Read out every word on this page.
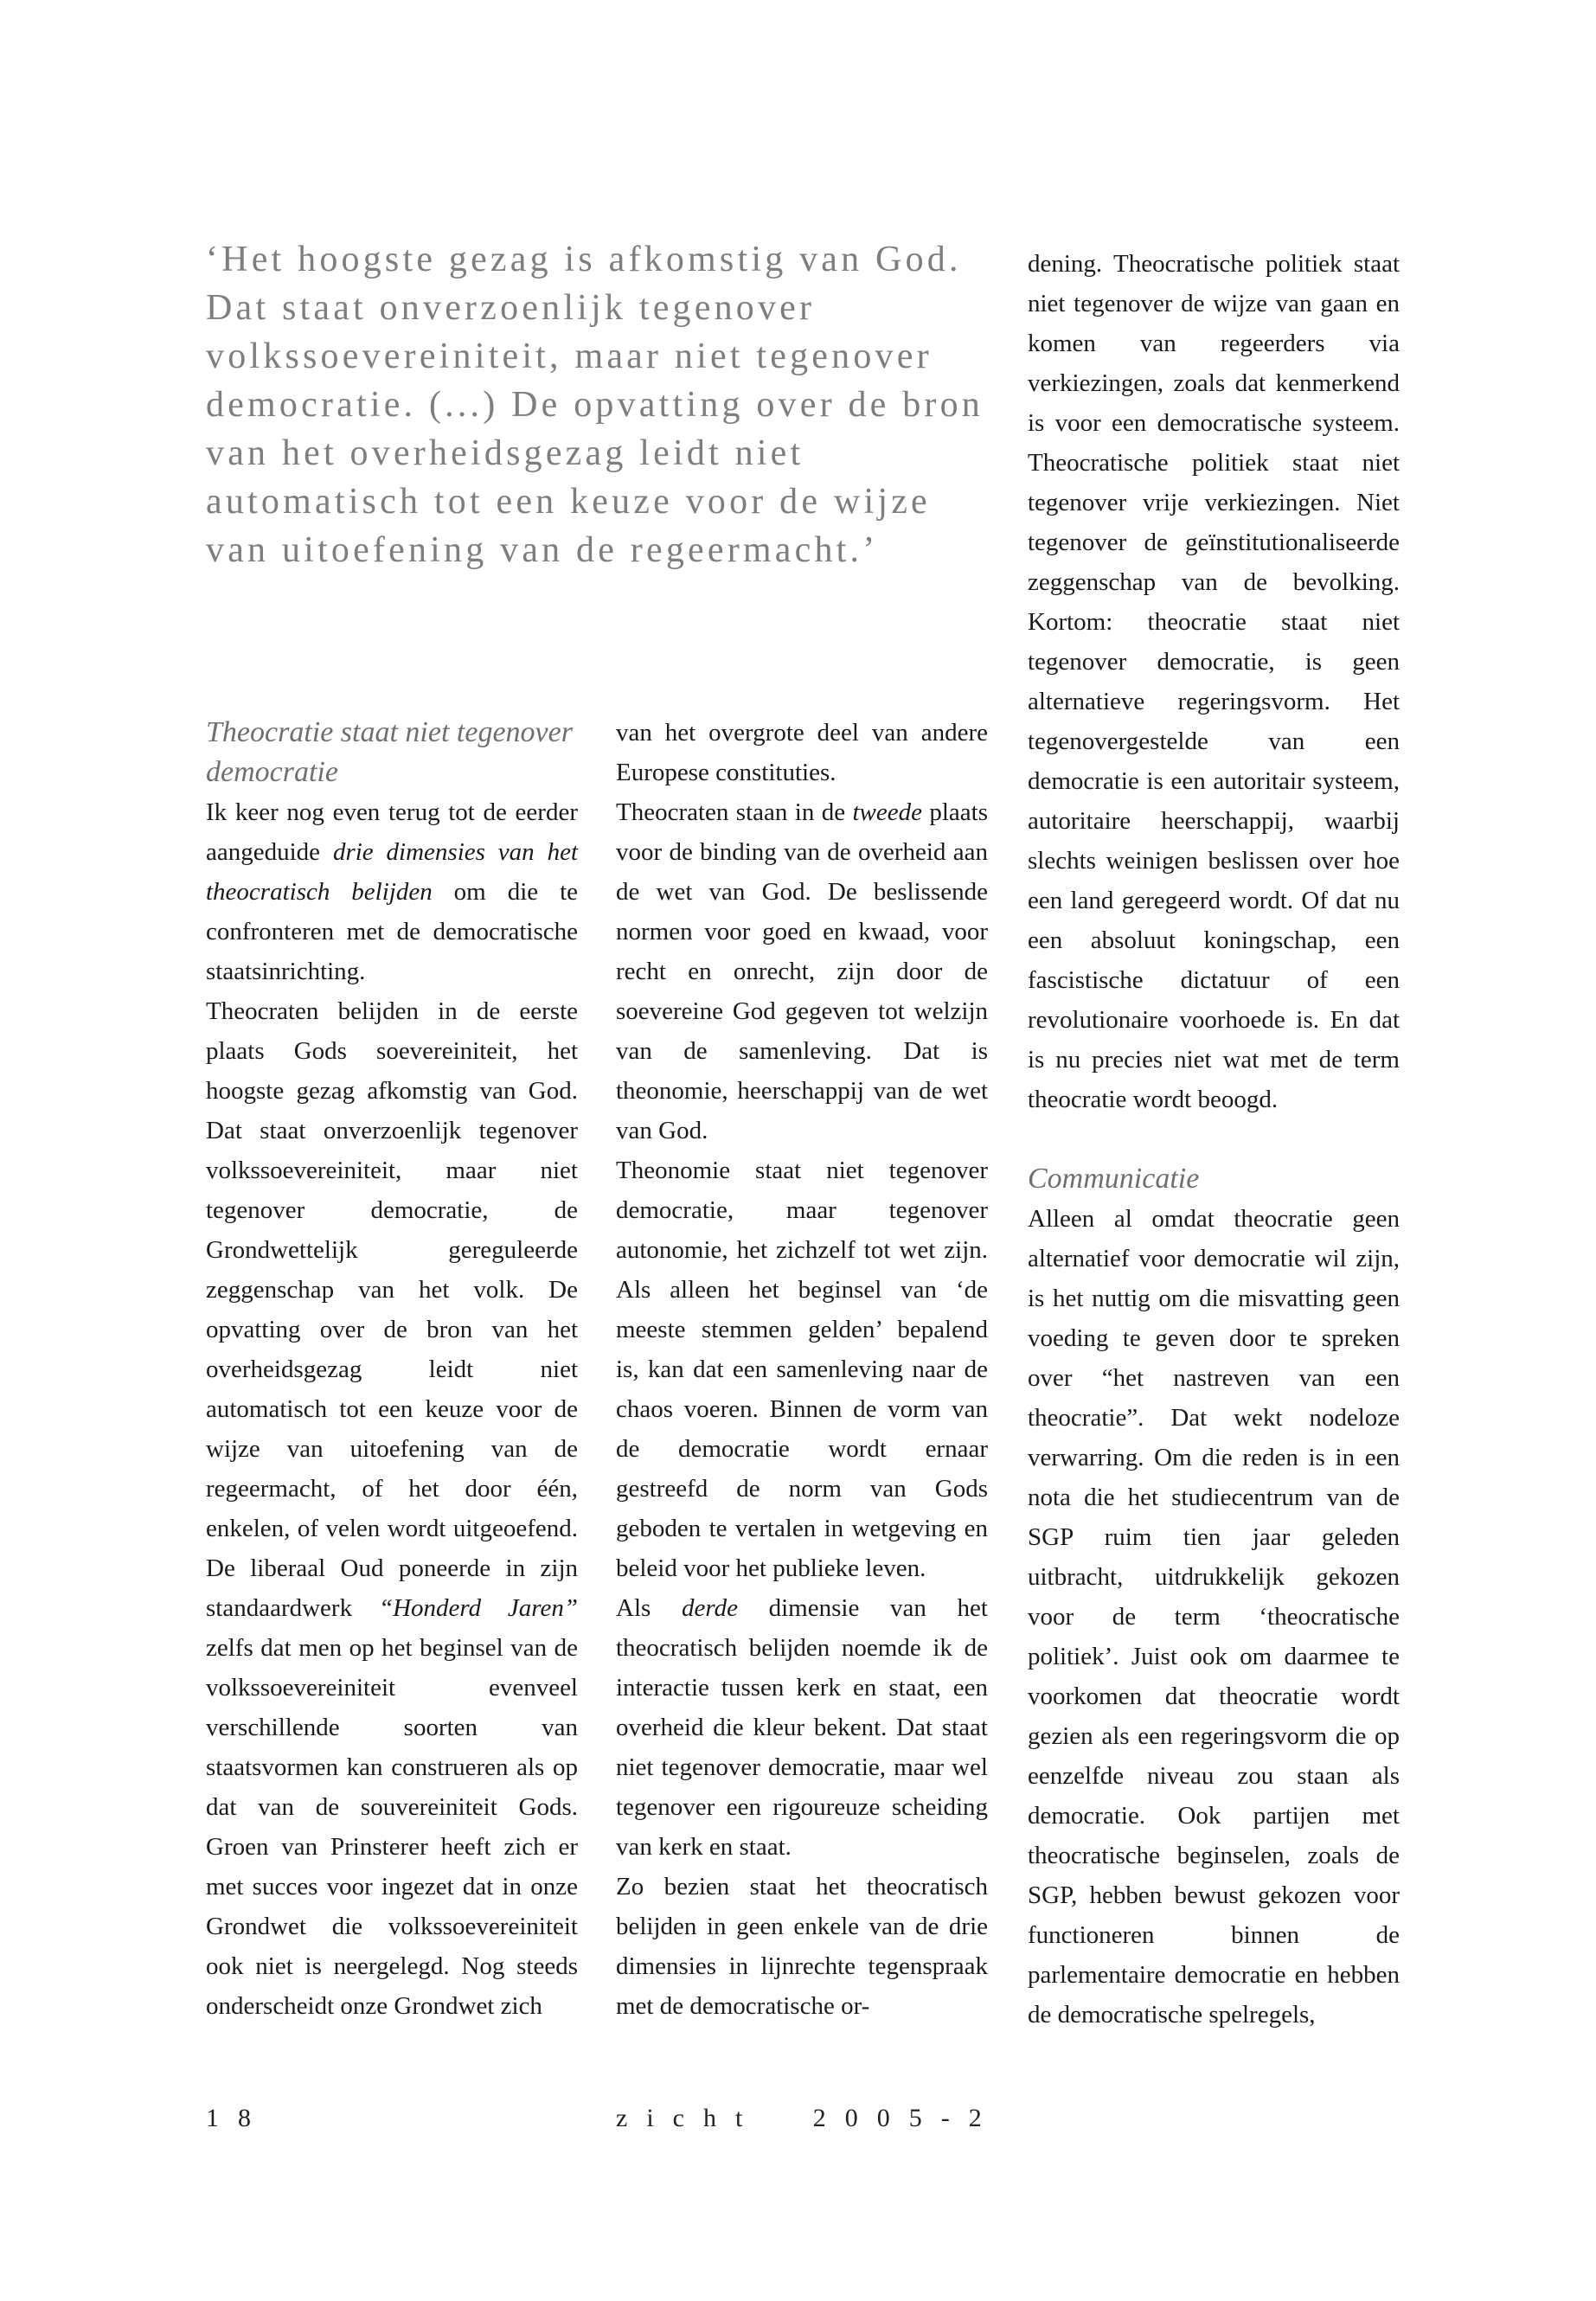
‘Het hoogste gezag is afkomstig van God. Dat staat onverzoenlijk tegenover volkssoevereiniteit, maar niet tegenover democratie. (...) De opvatting over de bron van het overheidsgezag leidt niet automatisch tot een keuze voor de wijze van uitoefening van de regeermacht.’

Theocratie staat niet tegenover democratie

Ik keer nog even terug tot de eerder aangeduide drie dimensies van het theocratisch belijden om die te confronteren met de democratische staatsinrichting.

Theocraten belijden in de eerste plaats Gods soevereiniteit, het hoogste gezag afkomstig van God. Dat staat onverzoenlijk tegenover volkssoevereiniteit, maar niet tegenover democratie, de Grondwettelijk gereguleerde zeggenschap van het volk. De opvatting over de bron van het overheidsgezag leidt niet automatisch tot een keuze voor de wijze van uitoefening van de regeermacht, of het door één, enkelen, of velen wordt uitgeoefend. De liberaal Oud poneerde in zijn standaardwerk “Honderd Jaren” zelfs dat men op het beginsel van de volkssoevereiniteit evenveel verschillende soorten van staatsvormen kan construeren als op dat van de souvereiniteit Gods. Groen van Prinsterer heeft zich er met succes voor ingezet dat in onze Grondwet die volkssoevereiniteit ook niet is neergelegd. Nog steeds onderscheidt onze Grondwet zich

van het overgrote deel van andere Europese constituties.

Theocraten staan in de tweede plaats voor de binding van de overheid aan de wet van God. De beslissende normen voor goed en kwaad, voor recht en onrecht, zijn door de soevereine God gegeven tot welzijn van de samenleving. Dat is theonomie, heerschappij van de wet van God.

Theonomie staat niet tegenover democratie, maar tegenover autonomie, het zichzelf tot wet zijn. Als alleen het beginsel van ‘de meeste stemmen gelden’ bepalend is, kan dat een samenleving naar de chaos voeren. Binnen de vorm van de democratie wordt ernaar gestreefd de norm van Gods geboden te vertalen in wetgeving en beleid voor het publieke leven.

Als derde dimensie van het theocratisch belijden noemde ik de interactie tussen kerk en staat, een overheid die kleur bekent. Dat staat niet tegenover democratie, maar wel tegenover een rigoureuze scheiding van kerk en staat.

Zo bezien staat het theocratisch belijden in geen enkele van de drie dimensies in lijnrechte tegenspraak met de democratische or-

dening. Theocratische politiek staat niet tegenover de wijze van gaan en komen van regeerders via verkiezingen, zoals dat kenmerkend is voor een democratische systeem. Theocratische politiek staat niet tegenover vrije verkiezingen. Niet tegenover de geïnstitutionaliseerde zeggenschap van de bevolking. Kortom: theocratie staat niet tegenover democratie, is geen alternatieve regeringsvorm. Het tegenovergestelde van een democratie is een autoritair systeem, autoritaire heerschappij, waarbij slechts weinigen beslissen over hoe een land geregeerd wordt. Of dat nu een absoluut koningschap, een fascistische dictatuur of een revolutionaire voorhoede is. En dat is nu precies niet wat met de term theocratie wordt beoogd.

Communicatie

Alleen al omdat theocratie geen alternatief voor democratie wil zijn, is het nuttig om die misvatting geen voeding te geven door te spreken over “het nastreven van een theocratie”. Dat wekt nodeloze verwarring. Om die reden is in een nota die het studiecentrum van de SGP ruim tien jaar geleden uitbracht, uitdrukkelijk gekozen voor de term ‘theocratische politiek’. Juist ook om daarmee te voorkomen dat theocratie wordt gezien als een regeringsvorm die op eenzelfde niveau zou staan als democratie. Ook partijen met theocratische beginselen, zoals de SGP, hebben bewust gekozen voor functioneren binnen de parlementaire democratie en hebben de democratische spelregels,

18	zicht 2005-2
